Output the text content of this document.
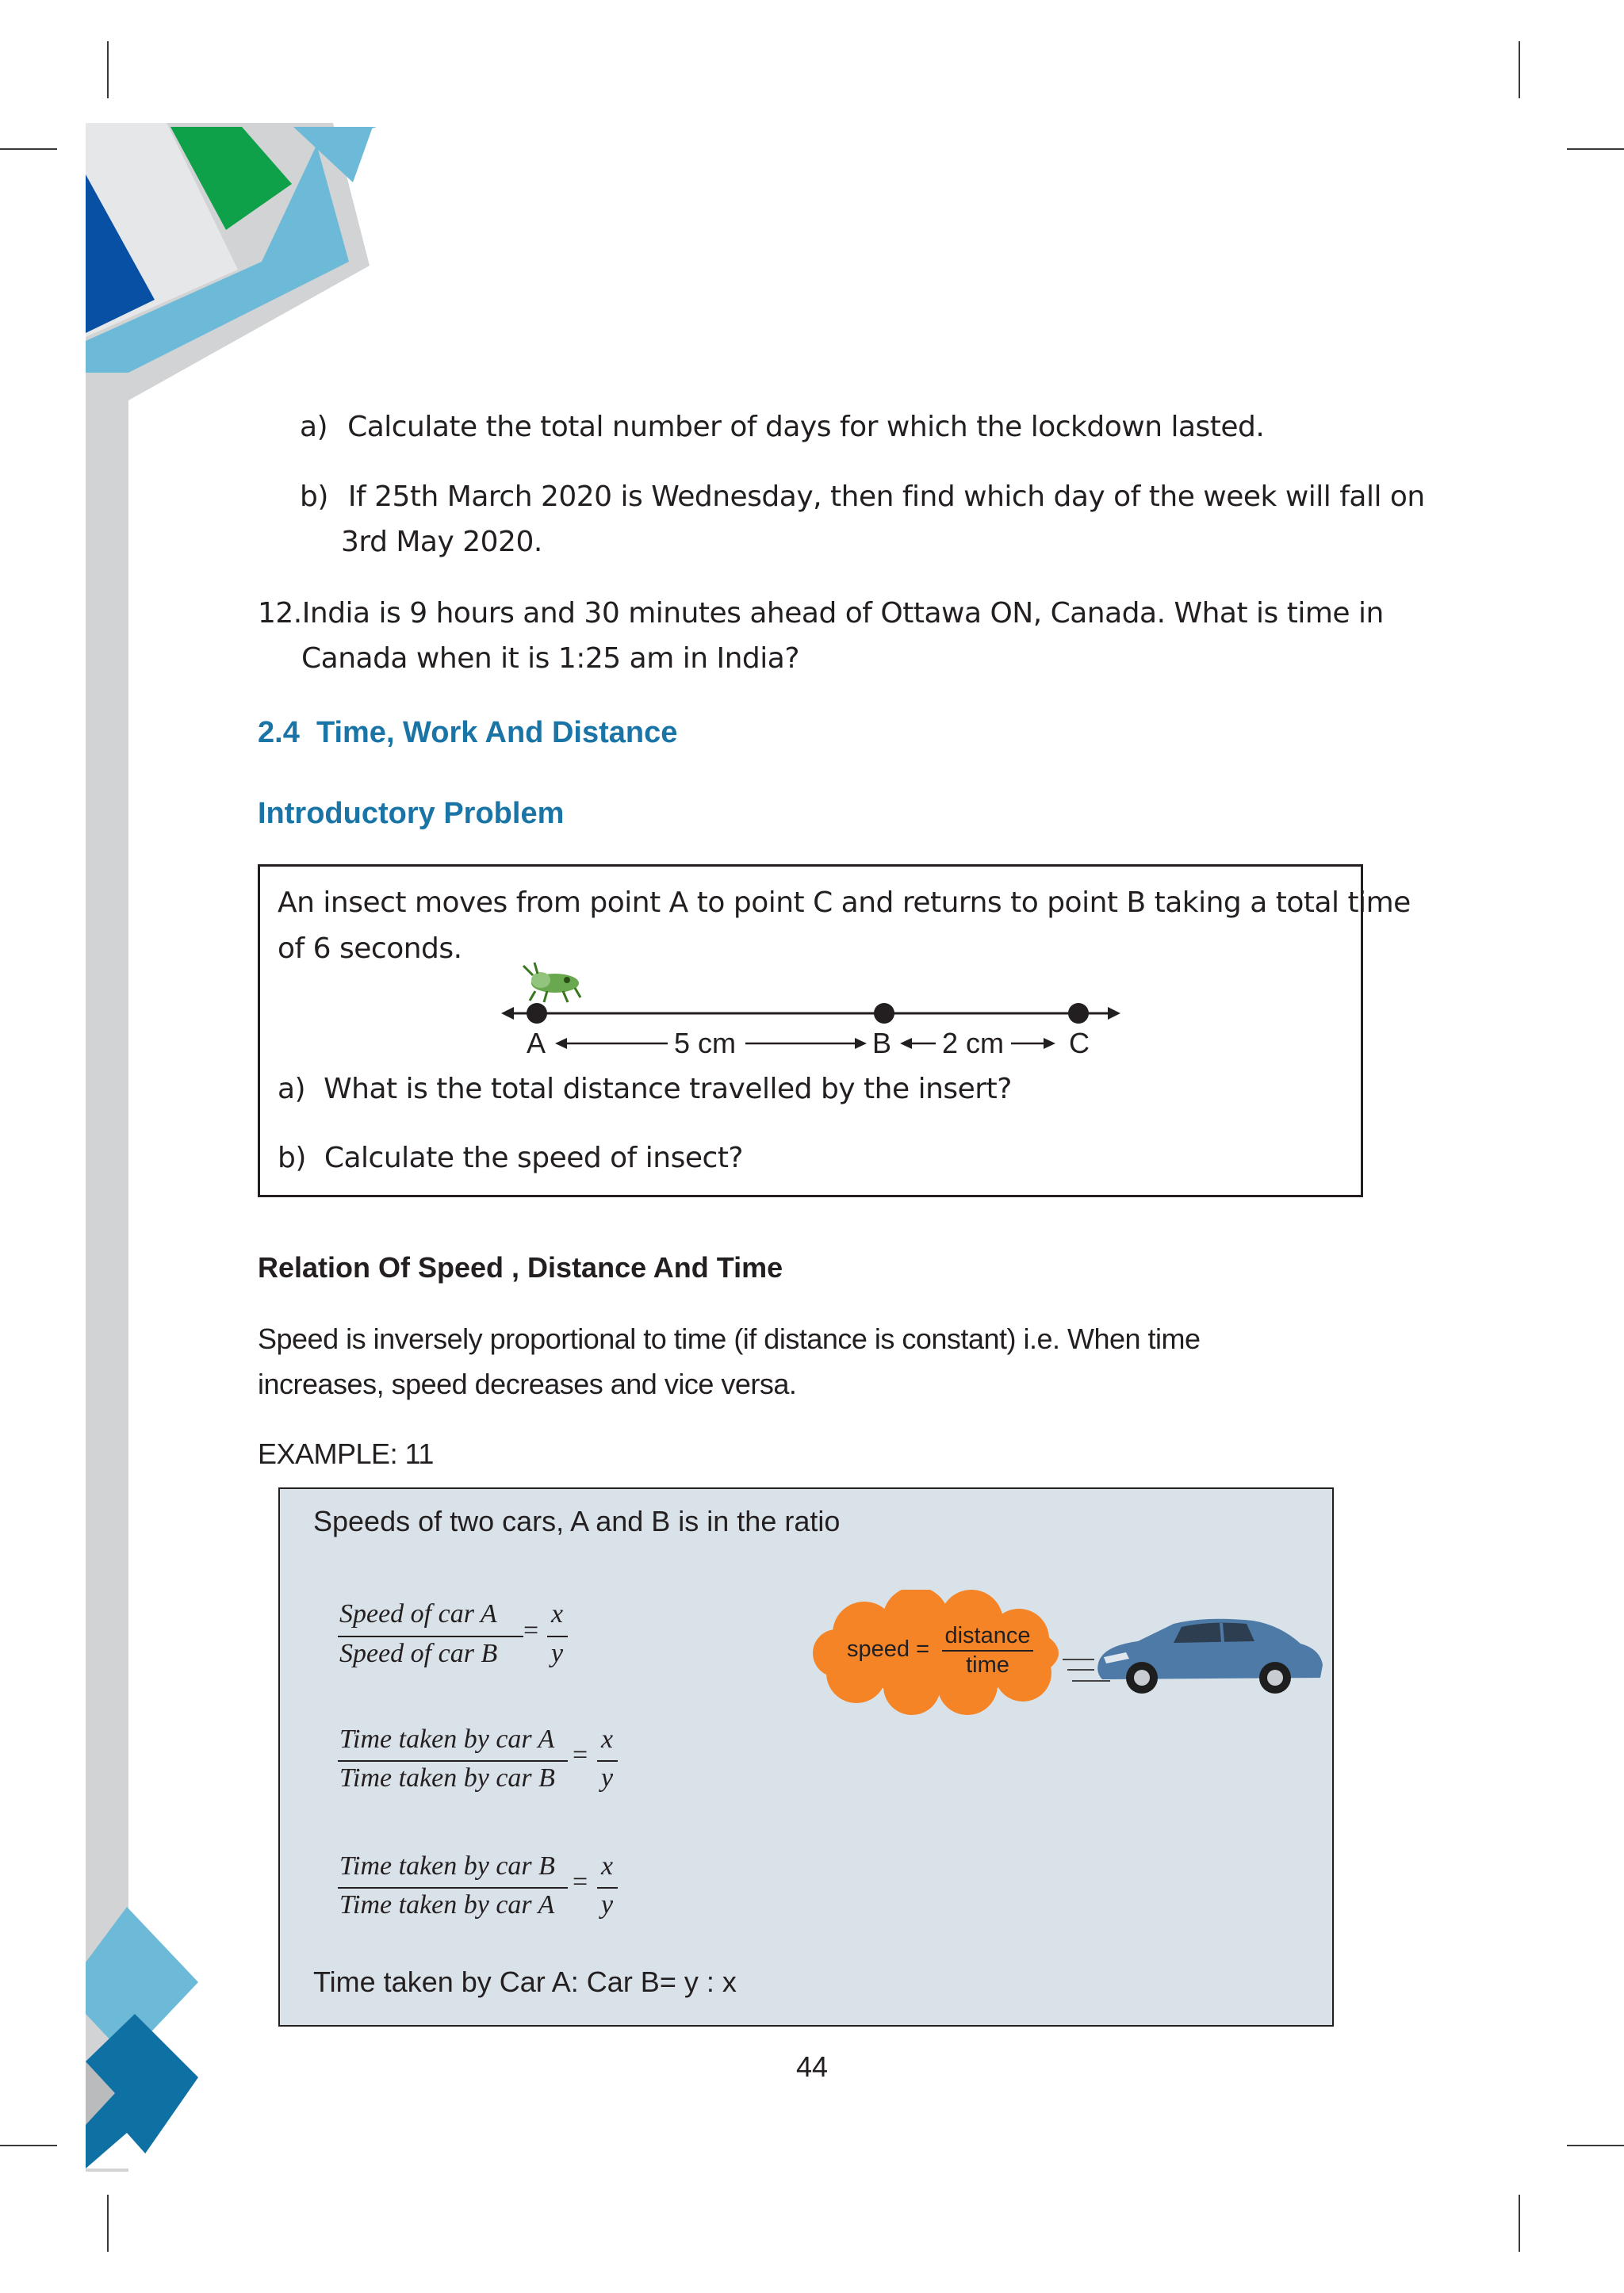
a) Calculate the total number of days for which the lockdown lasted.
b) If 25th March 2020 is Wednesday, then find which day of the week will fall on
3rd May 2020.
12.India is 9 hours and 30 minutes ahead of Ottawa ON, Canada. What is time in
Canada when it is 1:25 am in India?
2.4  Time, Work And Distance
Introductory Problem
An insect moves from point A to point C and returns to point B taking a total time
of 6 seconds.
A	5 cm	B 2 cm C
a) What is the total distance travelled by the insert?
b) Calculate the speed of insect?
Relation Of Speed , Distance And Time
Speed is inversely proportional to time (if distance is constant) i.e. When time
increases, speed decreases and vice versa.
EXAMPLE: 11
Speeds of two cars, A and B is in the ratio
Speed of car A
Speed of car B
=
x
y
Time taken by car A
Time taken by car B
=
x
y
Time taken by car B
Time taken by car A
=
x
y
Time taken by Car A: Car B= y : x
speed =
distance
time
44
